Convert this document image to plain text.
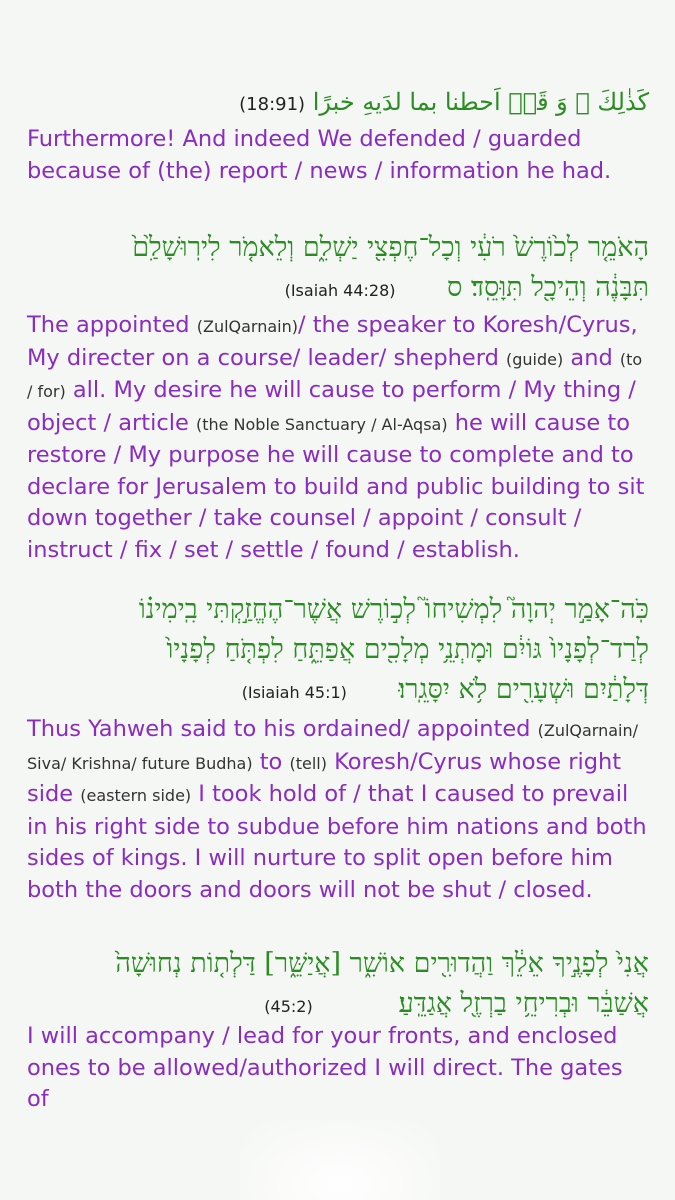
كَذٰلِكَ ۖ وَ قَدۡ اَحطنا بما لدَيهِ خبرًا (18:91)
Furthermore! And indeed We defended / guarded because of (the) report / news / information he had.
הָאֹמֵ֤ר לְכ֙וֹרֶשׁ֙ רֹעִ֔י וְכָל־חֶפְצִ֖י יַשְׁלִ֑ם וְלֵאמֹ֤ר לִירֽוּשָׁלִַ֙ם֙
תִּבָּנֶ֔ה וְהֵיכָ֖ל תִּוָּסֵֽד׃ ס      (Isaiah 44:28)
The appointed (ZulQarnain)/ the speaker to Koresh/Cyrus, My directer on a course/ leader/ shepherd (guide) and (to / for) all. My desire he will cause to perform / My thing / object / article (the Noble Sanctuary / Al-Aqsa) he will cause to restore / My purpose he will cause to complete and to declare for Jerusalem to build and public building to sit down together / take counsel / appoint / consult / instruct / fix / set / settle / found / establish.
כֹּֽה־אָמַ֣ר יְהוָה֮ לִמְשִׁיחוֹ֮ לְכ֣וֹרֶשׁ אֲשֶׁר־הֶחֱזַ֣קְתִּי בִֽימִינ֗וֹ
לְרַד־לְפָנָיו֙ גּוֹיִ֔ם וּמָתְנֵ֥י מְלָכִ֖ים אֲפַתֵּ֑חַ לִפְתֹּ֤חַ לְפָנָיו֙
דְּלָתַ֔יִם וּשְׁעָרִ֖ים לֹ֥א יִסָּגֵֽרוּ׃      (Isiaiah 45:1)
Thus Yahweh said to his ordained/ appointed (ZulQarnain/ Siva/ Krishna/ future Budha) to (tell) Koresh/Cyrus whose right side (eastern side) I took hold of / that I caused to prevail in his right side to subdue before him nations and both sides of kings. I will nurture to split open before him both the doors and doors will not be shut / closed.
אֲנִי֙ לְפָנֶ֣יךָ אֵלֵ֔ךְ וַהֲדוּרִ֖ים אוֹשִׁ֑ר [אֲיַשֵּׁ֑ר] דַּלְת֤וֹת נְחוּשָׁה֙
אֲשַׁבֵּ֔ר וּבְרִיחֵ֥י בַרְזֶ֖ל אֲגַדֵּֽעַ׃          (45:2)
I will accompany / lead for your fronts, and enclosed ones to be allowed/authorized I will direct. The gates of
